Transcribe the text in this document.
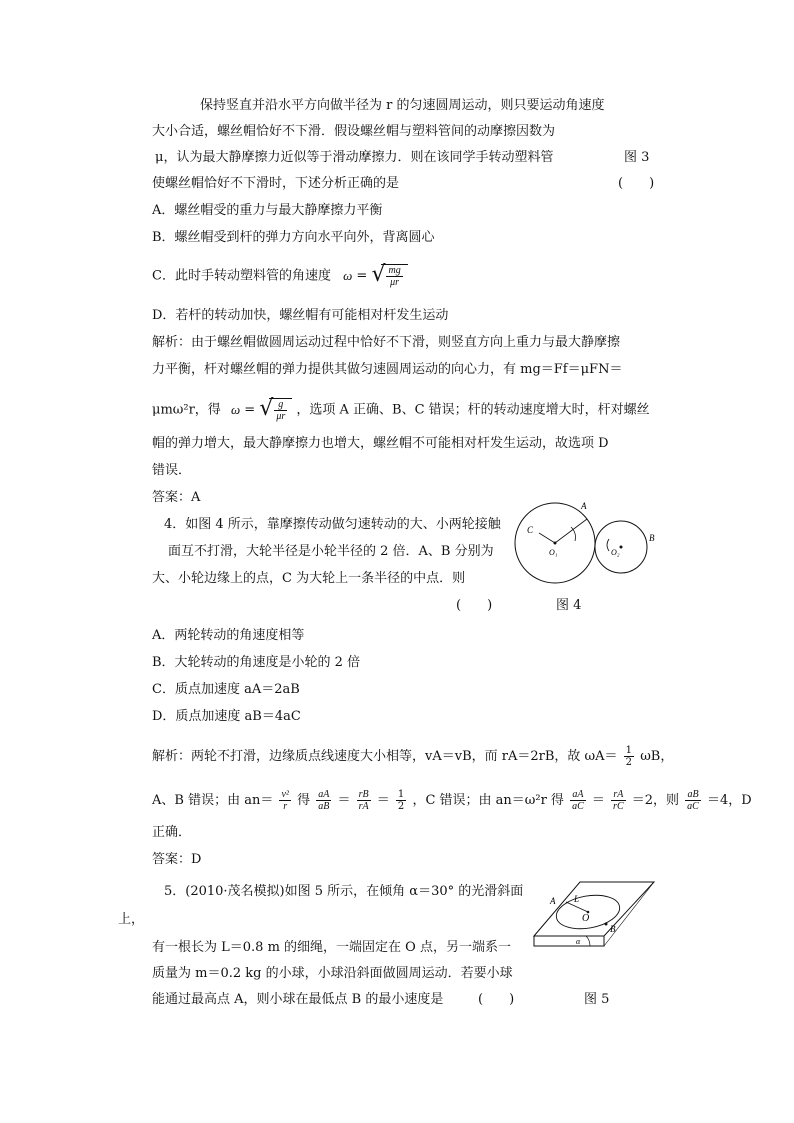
保持竖直并沿水平方向做半径为 r 的匀速圆周运动，则只要运动角速度
大小合适，螺丝帽恰好不下滑．假设螺丝帽与塑料管间的动摩擦因数为
μ，认为最大静摩擦力近似等于滑动摩擦力．则在该同学手转动塑料管	图 3
使螺丝帽恰好不下滑时，下述分析正确的是	(　　)
A．螺丝帽受的重力与最大静摩擦力平衡
B．螺丝帽受到杆的弹力方向水平向外，背离圆心
C．此时手转动塑料管的角速度 ω = √ $\frac{mg}{\mu r}$
D．若杆的转动加快，螺丝帽有可能相对杆发生运动
解析：由于螺丝帽做圆周运动过程中恰好不下滑，则竖直方向上重力与最大静摩擦
力平衡，杆对螺丝帽的弹力提供其做匀速圆周运动的向心力，有 mg＝Ff＝μFN＝
μmω²r，得 ω = √ $\frac{g}{\mu r}$ ，选项 A 正确、B、C 错误；杆的转动速度增大时，杆对螺丝
帽的弹力增大，最大静摩擦力也增大，螺丝帽不可能相对杆发生运动，故选项 D
错误．
答案：A
4．如图 4 所示，靠摩擦传动做匀速转动的大、小两轮接触
面互不打滑，大轮半径是小轮半径的 2 倍．A、B 分别为
大、小轮边缘上的点，C 为大轮上一条半径的中点．则
(　　)	图 4
A
C
O₁	O₂
B
A．两轮转动的角速度相等
B．大轮转动的角速度是小轮的 2 倍
C．质点加速度 aA＝2aB
D．质点加速度 aB＝4aC
解析：两轮不打滑，边缘质点线速度大小相等，vA＝vB，而 rA＝2rB，故 $\omega A= \frac{1}{2}$ ωB，
A、B 错误；由 $an= \frac{\text{v²}}{r}$ 得 $\frac{aA}{aB} = \frac{rB}{rA} = \frac{1}{2}$ ，C 错误；由 an＝ω²r 得 $\frac{aA}{aC} = \frac{rA}{rC} =2$，则 $\frac{aB}{aC} =4$，D
正确．
答案：D
5．(2010·茂名模拟)如图 5 所示，在倾角 α＝30° 的光滑斜面
上，
有一根长为 L＝0.8 m 的细绳，一端固定在 O 点，另一端系一
质量为 m＝0.2 kg 的小球，小球沿斜面做圆周运动．若要小球
能通过最高点 A，则小球在最低点 B 的最小速度是	(　　)	图 5
A L
O
B
α
